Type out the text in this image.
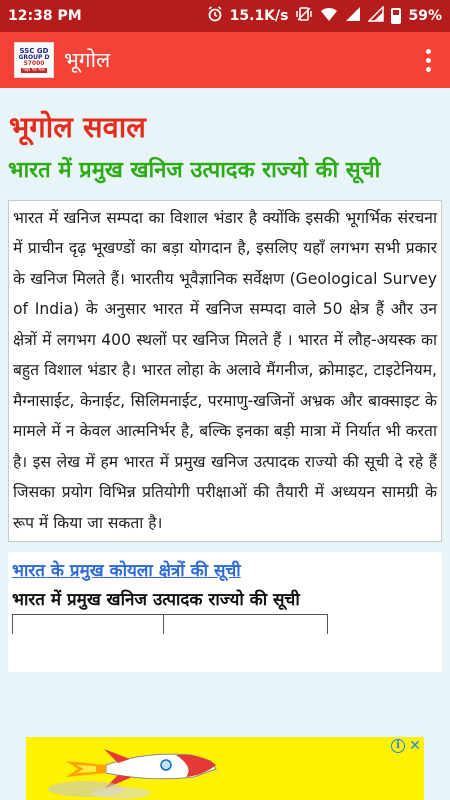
12:38 PM	15.1K/s	59%
SSC GD
GROUP D
57000
पढ़ो पर मत्ते भूगोल
भूगोल सवाल
भारत में प्रमुख खनिज उत्पादक राज्यो की सूची
भारत में खनिज सम्पदा का विशाल भंडार है क्योंकि इसकी भूगर्भिक संरचना में प्राचीन दृढ़ भूखण्डों का बड़ा योगदान है, इसलिए यहाँ लगभग सभी प्रकार के खनिज मिलते हैं। भारतीय भूवैज्ञानिक सर्वेक्षण (Geological Survey of India) के अनुसार भारत में खनिज सम्पदा वाले 50 क्षेत्र हैं और उन क्षेत्रों में लगभग 400 स्थलों पर खनिज मिलते हैं । भारत में लौह-अयस्क का बहुत विशाल भंडार है। भारत लोहा के अलावे मैंगनीज, क्रोमाइट, टाइटेनियम, मैग्नासाईट, केनाईट, सिलिमनाईट, परमाणु-खजिनों अभ्रक और बाक्साइट के मामले में न केवल आत्मनिर्भर है, बल्कि इनका बड़ी मात्रा में निर्यात भी करता है। इस लेख में हम भारत में प्रमुख खनिज उत्पादक राज्यो की सूची दे रहे हैं जिसका प्रयोग विभिन्न प्रतियोगी परीक्षाओं की तैयारी में अध्ययन सामग्री के रूप में किया जा सकता है।
भारत के प्रमुख कोयला क्षेत्रों की सूची
भारत में प्रमुख खनिज उत्पादक राज्यो की सूची
i ✕
